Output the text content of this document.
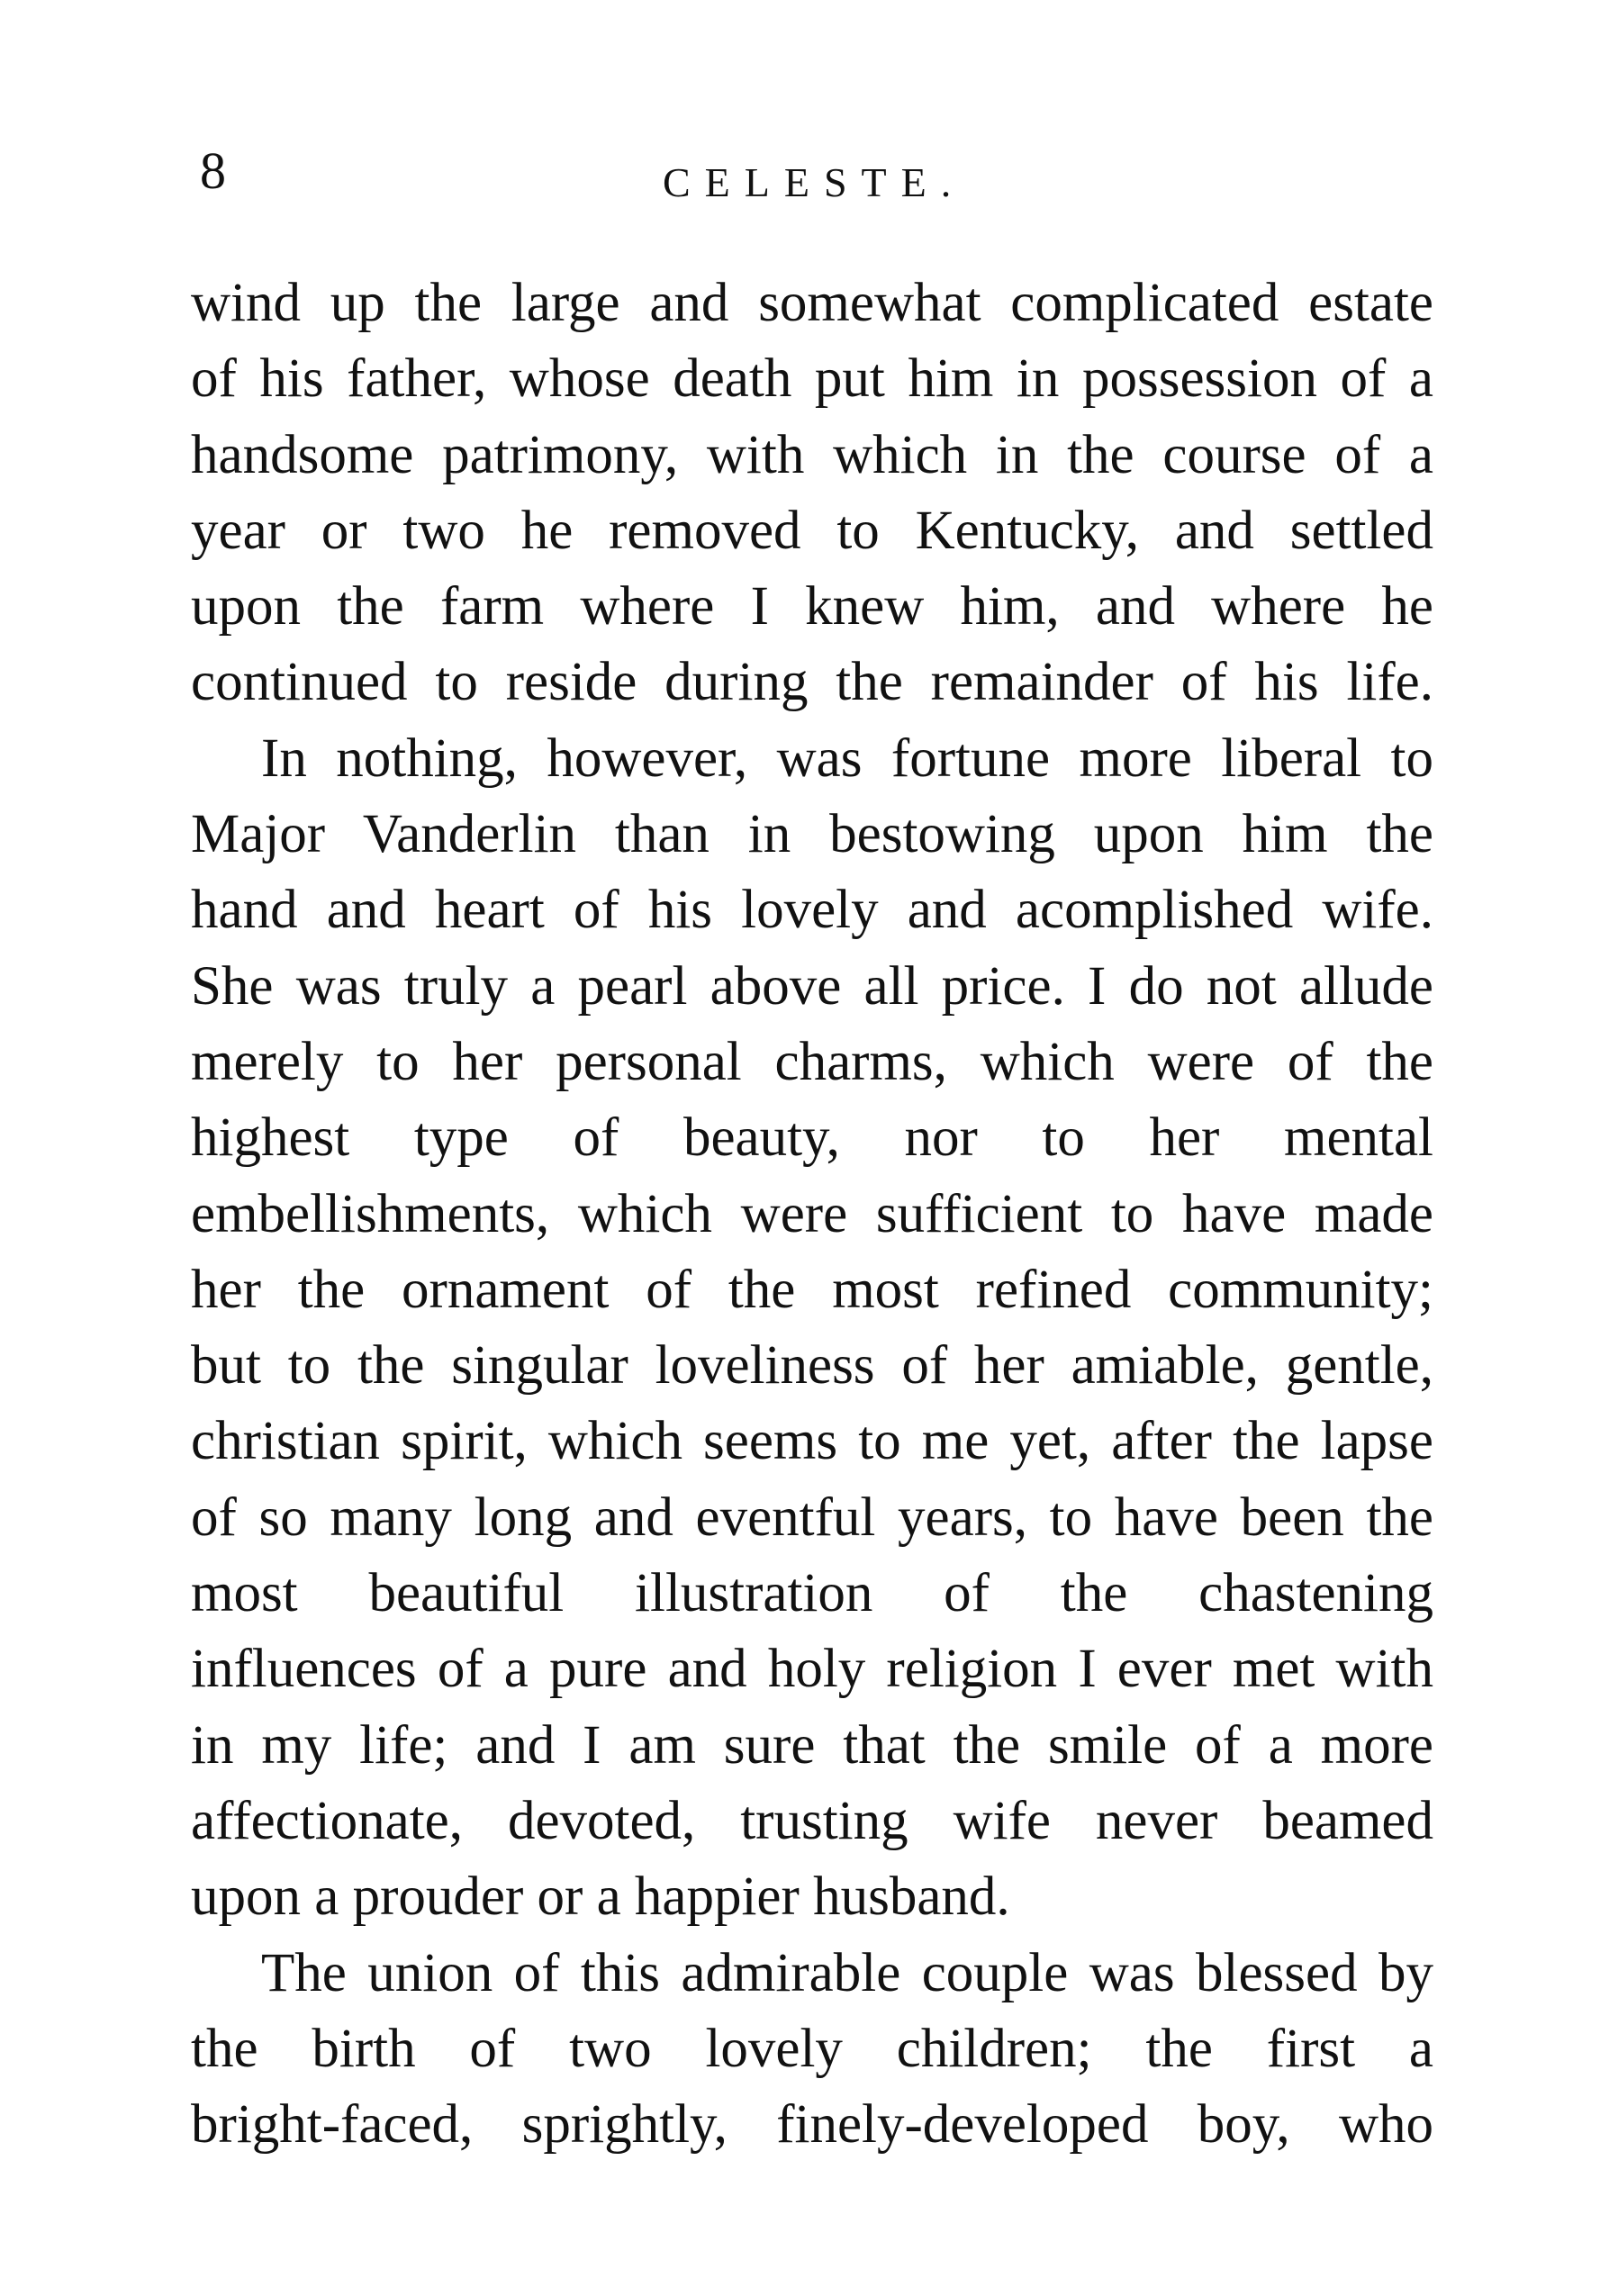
8	CELESTE.
wind up the large and somewhat complicated estate
of his father, whose death put him in possession of a
handsome patrimony, with which in the course of a
year or two he removed to Kentucky, and settled
upon the farm where I knew him, and where he
continued to reside during the remainder of his life.
In nothing, however, was fortune more liberal to
Major Vanderlin than in bestowing upon him the
hand and heart of his lovely and acomplished wife.
She was truly a pearl above all price. I do not allude
merely to her personal charms, which were of the
highest type of beauty, nor to her mental
embellishments, which were sufficient to have made
her the ornament of the most refined community;
but to the singular loveliness of her amiable, gentle,
christian spirit, which seems to me yet, after the lapse
of so many long and eventful years, to have been the
most beautiful illustration of the chastening
influences of a pure and holy religion I ever met with
in my life; and I am sure that the smile of a more
affectionate, devoted, trusting wife never beamed
upon a prouder or a happier husband.
The union of this admirable couple was blessed by
the birth of two lovely children; the first a
bright-faced, sprightly, finely-developed boy, who
